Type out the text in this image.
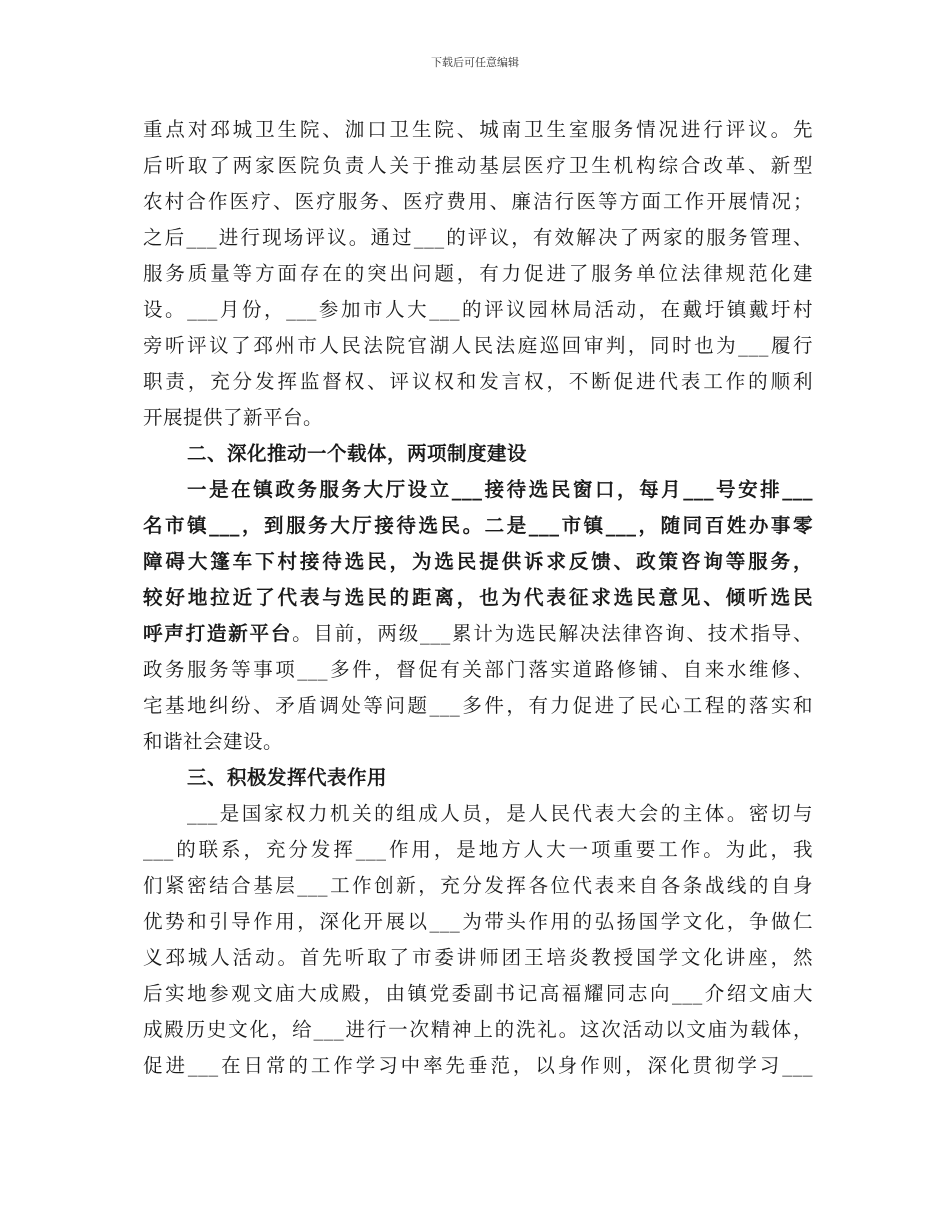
下载后可任意编辑
重点对邳城卫生院、泇口卫生院、城南卫生室服务情况进行评议。先
后听取了两家医院负责人关于推动基层医疗卫生机构综合改革、新型
农村合作医疗、医疗服务、医疗费用、廉洁行医等方面工作开展情况；
之后___进行现场评议。通过___的评议，有效解决了两家的服务管理、
服务质量等方面存在的突出问题，有力促进了服务单位法律规范化建
设。___月份，___参加市人大___的评议园林局活动，在戴圩镇戴圩村
旁听评议了邳州市人民法院官湖人民法庭巡回审判，同时也为___履行
职责，充分发挥监督权、评议权和发言权，不断促进代表工作的顺利
开展提供了新平台。
二、深化推动一个载体，两项制度建设
一是在镇政务服务大厅设立___接待选民窗口，每月___号安排___
名市镇___，到服务大厅接待选民。二是___市镇___，随同百姓办事零
障碍大篷车下村接待选民，为选民提供诉求反馈、政策咨询等服务，
较好地拉近了代表与选民的距离，也为代表征求选民意见、倾听选民
呼声打造新平台。目前，两级___累计为选民解决法律咨询、技术指导、
政务服务等事项___多件，督促有关部门落实道路修铺、自来水维修、
宅基地纠纷、矛盾调处等问题___多件，有力促进了民心工程的落实和
和谐社会建设。
三、积极发挥代表作用
___是国家权力机关的组成人员，是人民代表大会的主体。密切与
___的联系，充分发挥___作用，是地方人大一项重要工作。为此，我
们紧密结合基层___工作创新，充分发挥各位代表来自各条战线的自身
优势和引导作用，深化开展以___为带头作用的弘扬国学文化，争做仁
义邳城人活动。首先听取了市委讲师团王培炎教授国学文化讲座，然
后实地参观文庙大成殿，由镇党委副书记高福耀同志向___介绍文庙大
成殿历史文化，给___进行一次精神上的洗礼。这次活动以文庙为载体，
促进___在日常的工作学习中率先垂范，以身作则，深化贯彻学习___
